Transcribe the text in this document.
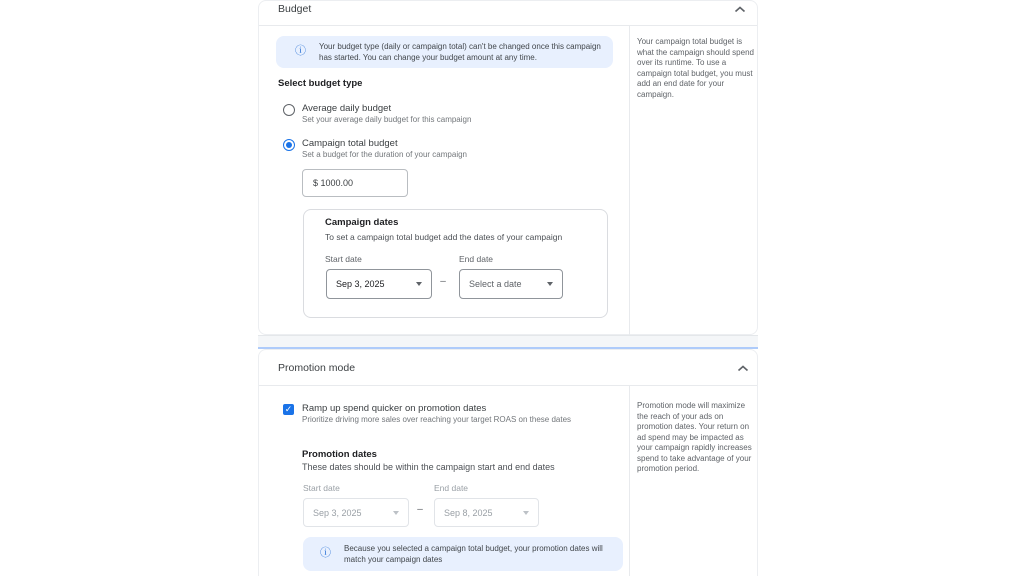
Budget
ⓘ Your budget type (daily or campaign total) can't be changed once this campaign has started. You can change your budget amount at any time.
Select budget type
Average daily budget
Set your average daily budget for this campaign
Campaign total budget
Set a budget for the duration of your campaign
$ 1000.00
Campaign dates
To set a campaign total budget add the dates of your campaign
Start date
Sep 3, 2025	–
End date
Select a date
Your campaign total budget is what the campaign should spend over its runtime. To use a campaign total budget, you must add an end date for your campaign.
Promotion mode
✓ Ramp up spend quicker on promotion dates
Prioritize driving more sales over reaching your target ROAS on these dates
Promotion dates
These dates should be within the campaign start and end dates
Start date
Sep 3, 2025	–
End date
Sep 8, 2025
ⓘ Because you selected a campaign total budget, your promotion dates will match your campaign dates
Promotion mode will maximize the reach of your ads on promotion dates. Your return on ad spend may be impacted as your campaign rapidly increases spend to take advantage of your promotion period.
